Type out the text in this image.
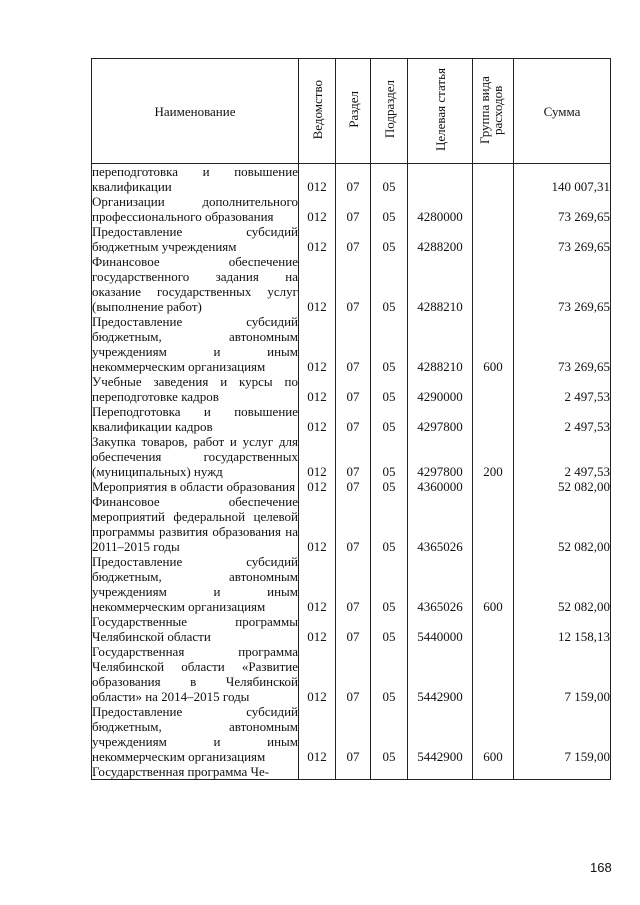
Наименование	Ведомство	Раздел	Подраздел	Целевая статья	Группа вида расходов	Сумма
переподготовка и повышение квалификации	012	07	05			140 007,31
Организации дополнительного профессионального образования	012	07	05	4280000		73 269,65
Предоставление субсидий бюджетным учреждениям	012	07	05	4288200		73 269,65
Финансовое обеспечение государственного задания на оказание государственных услуг (выполнение работ)	012	07	05	4288210		73 269,65
Предоставление субсидий бюджетным, автономным учреждениям и иным некоммерческим организациям	012	07	05	4288210	600	73 269,65
Учебные заведения и курсы по переподготовке кадров	012	07	05	4290000		2 497,53
Переподготовка и повышение квалификации кадров	012	07	05	4297800		2 497,53
Закупка товаров, работ и услуг для обеспечения государственных (муниципальных) нужд	012	07	05	4297800	200	2 497,53
Мероприятия в области образования	012	07	05	4360000		52 082,00
Финансовое обеспечение мероприятий федеральной целевой программы развития образования на 2011–2015 годы	012	07	05	4365026		52 082,00
Предоставление субсидий бюджетным, автономным учреждениям и иным некоммерческим организациям	012	07	05	4365026	600	52 082,00
Государственные программы Челябинской области	012	07	05	5440000		12 158,13
Государственная программа Челябинской области «Развитие образования в Челябинской области» на 2014–2015 годы	012	07	05	5442900		7 159,00
Предоставление субсидий бюджетным, автономным учреждениям и иным некоммерческим организациям	012	07	05	5442900	600	7 159,00
Государственная программа Че-						
168
